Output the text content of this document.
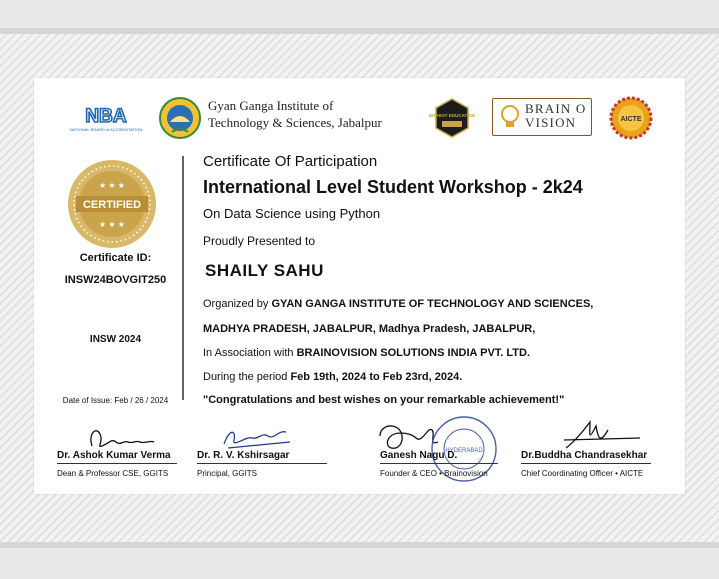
NBA
NATIONAL BOARD of ACCREDITATION
Gyan Ganga Institute of
Technology & Sciences, Jabalpur	BHARAT EDUCATION	BRAIN O
VISION	AICTE
CERTIFIED
★ ★ ★
★ ★ ★
Certificate ID:
INSW24BOVGIT250
INSW 2024
Date of Issue: Feb / 26 / 2024
Certificate Of Participation
International Level Student Workshop - 2k24
On Data Science using Python
Proudly Presented to
SHAILY SAHU
Organized by GYAN GANGA INSTITUTE OF TECHNOLOGY AND SCIENCES,
MADHYA PRADESH, JABALPUR, Madhya Pradesh, JABALPUR,
In Association with BRAINOVISION SOLUTIONS INDIA PVT. LTD.
During the period Feb 19th, 2024 to Feb 23rd, 2024.
"Congratulations and best wishes on your remarkable achievement!"
HYDERABAD
Dr. Ashok Kumar Verma
Dean & Professor CSE, GGITS
Dr. R. V. Kshirsagar
Principal, GGITS
Ganesh Nagu D.
Founder & CEO • Brainovision
Dr.Buddha Chandrasekhar
Chief Coordinating Officer • AICTE
